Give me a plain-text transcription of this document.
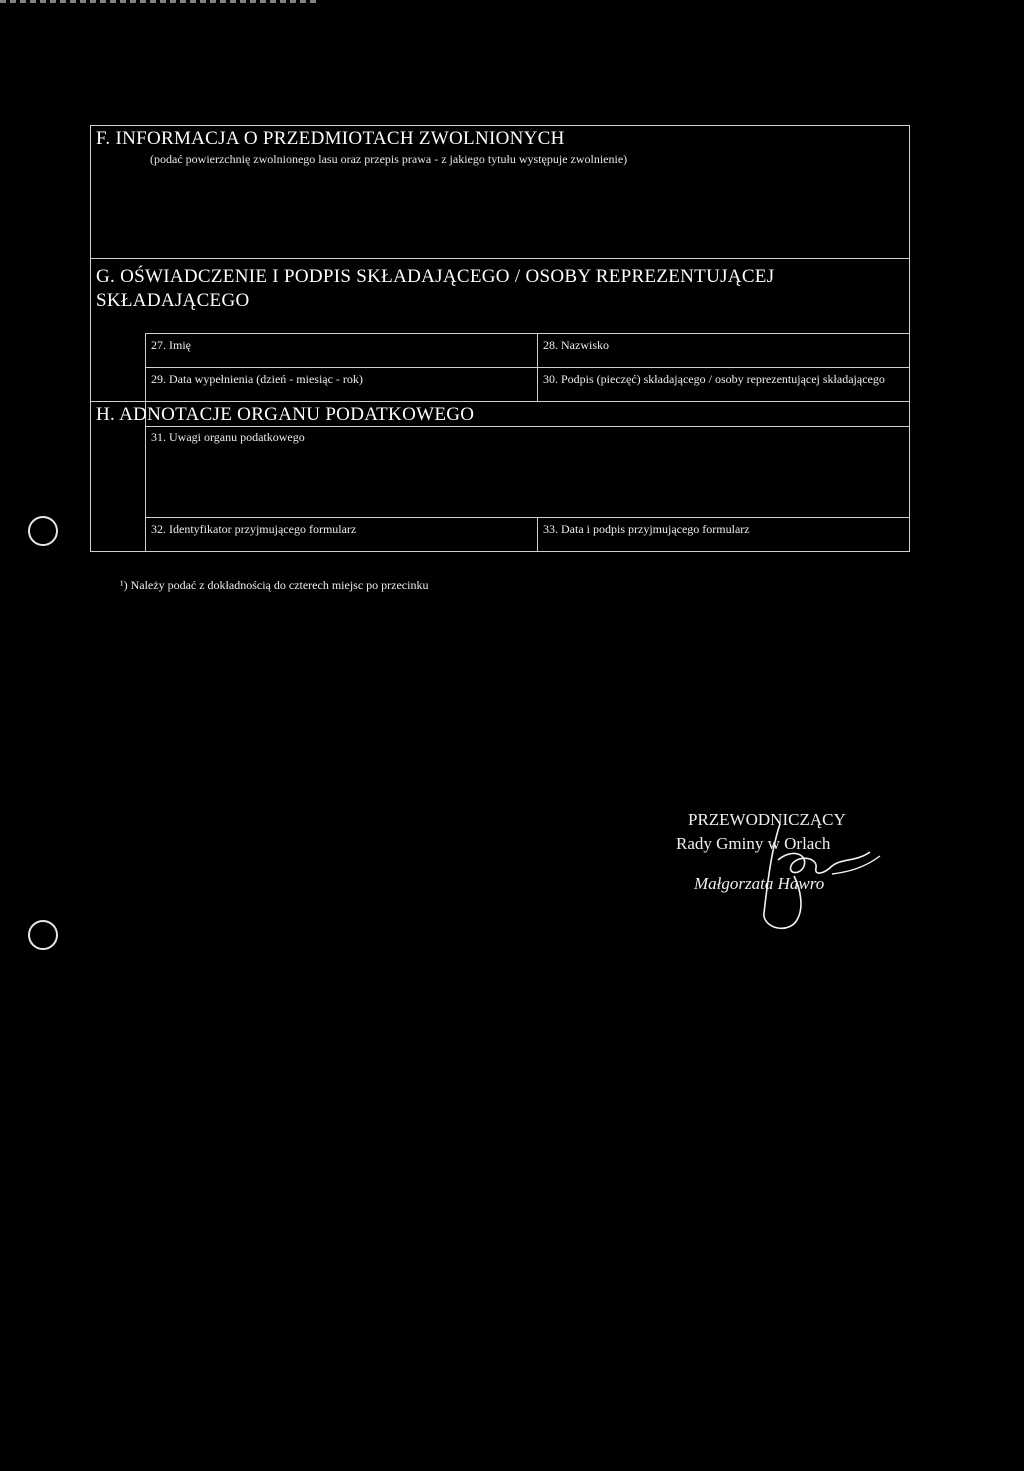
F. INFORMACJA O PRZEDMIOTACH ZWOLNIONYCH
(podać powierzchnię zwolnionego lasu oraz przepis prawa - z jakiego tytułu występuje zwolnienie)
G. OŚWIADCZENIE I PODPIS SKŁADAJĄCEGO / OSOBY REPREZENTUJĄCEJ
SKŁADAJĄCEGO
27. Imię	28. Nazwisko
29. Data wypełnienia (dzień - miesiąc - rok)	30. Podpis (pieczęć) składającego / osoby reprezentującej składającego
H. ADNOTACJE ORGANU PODATKOWEGO
31. Uwagi organu podatkowego
32. Identyfikator przyjmującego formularz	33. Data i podpis przyjmującego formularz
¹) Należy podać z dokładnością do czterech miejsc po przecinku
PRZEWODNICZĄCY
Rady Gminy w Orlach
Małgorzata Hawro
